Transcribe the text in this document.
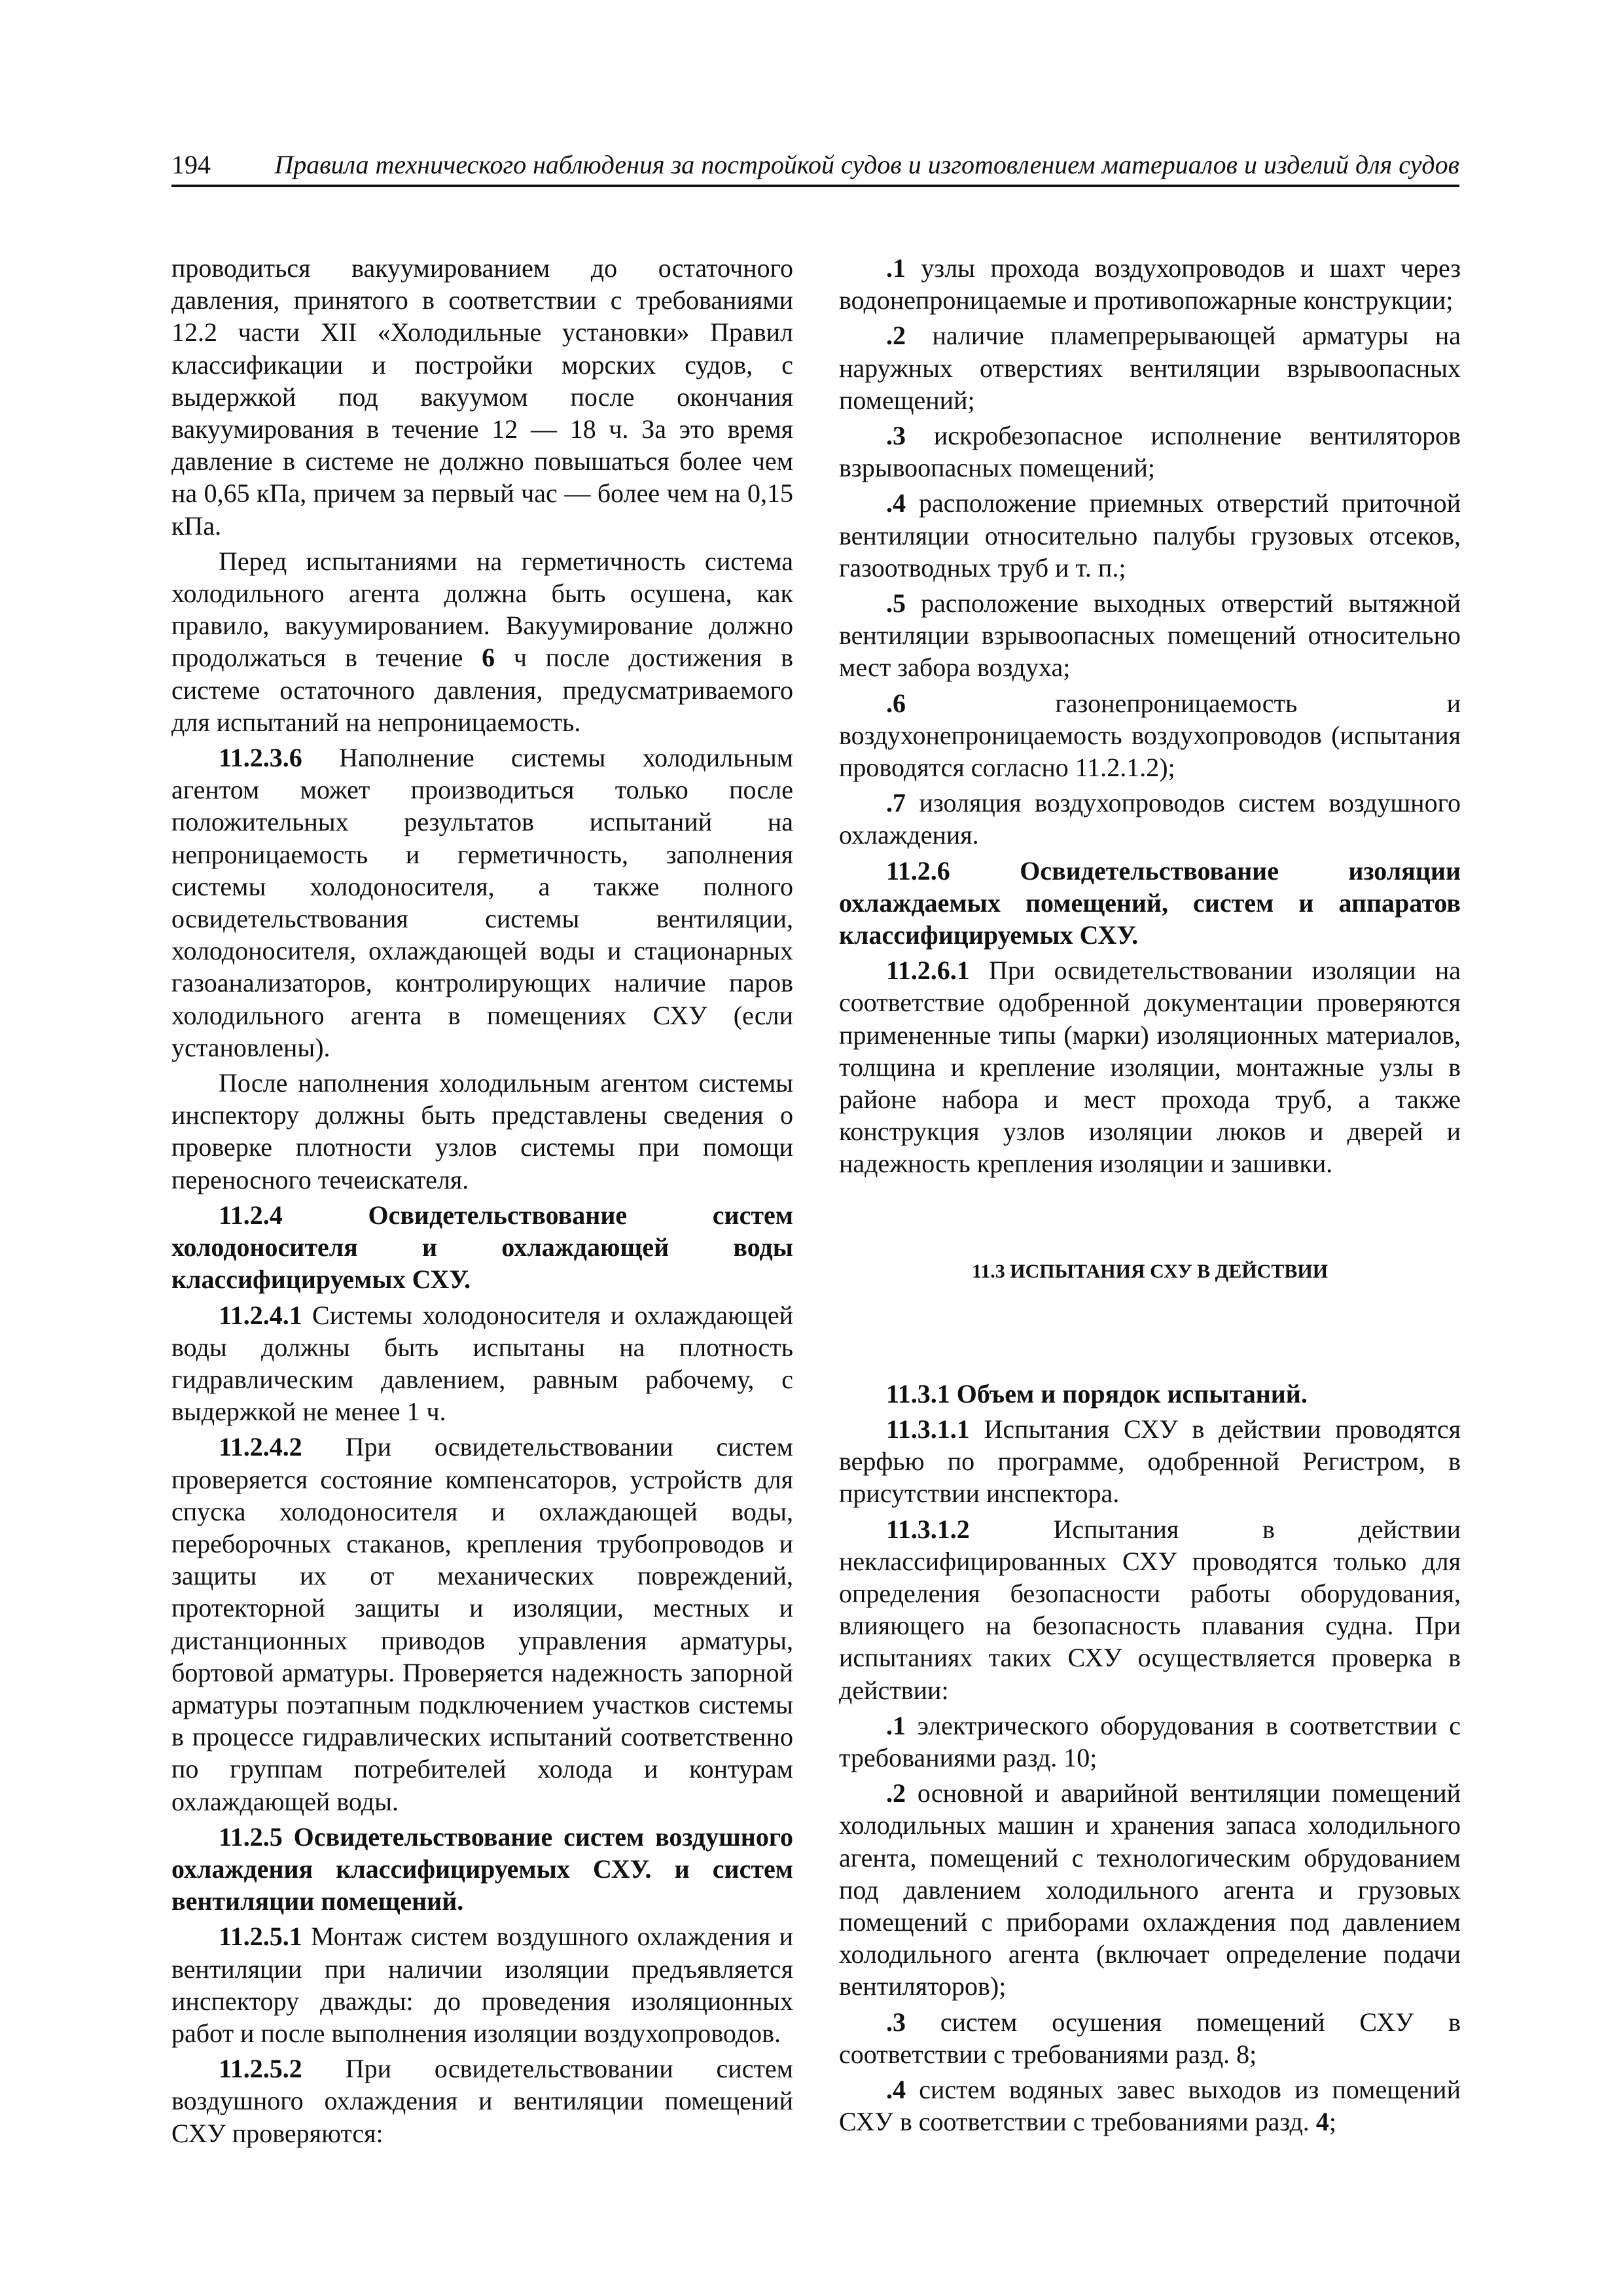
194 Правила технического наблюдения за постройкой судов и изготовлением материалов и изделий для судов

проводиться вакуумированием до остаточного давления, принятого в соответствии с требованиями 12.2 части XII «Холодильные установки» Правил классификации и постройки морских судов, с выдержкой под вакуумом после окончания вакуумирования в течение 12 — 18 ч. За это время давление в системе не должно повышаться более чем на 0,65 кПа, причем за первый час — более чем на 0,15 кПа.

Перед испытаниями на герметичность система холодильного агента должна быть осушена, как правило, вакуумированием. Вакуумирование должно продолжаться в течение 6 ч после достижения в системе остаточного давления, предусматриваемого для испытаний на непроницаемость.

11.2.3.6 Наполнение системы холодильным агентом может производиться только после положительных результатов испытаний на непроницаемость и герметичность, заполнения системы холодоносителя, а также полного освидетельствования системы вентиляции, холодоносителя, охлаждающей воды и стационарных газоанализаторов, контролирующих наличие паров холодильного агента в помещениях СХУ (если установлены).

После наполнения холодильным агентом системы инспектору должны быть представлены сведения о проверке плотности узлов системы при помощи переносного течеискателя.

11.2.4 Освидетельствование систем холодоносителя и охлаждающей воды классифицируемых СХУ.

11.2.4.1 Системы холодоносителя и охлаждающей воды должны быть испытаны на плотность гидравлическим давлением, равным рабочему, с выдержкой не менее 1 ч.

11.2.4.2 При освидетельствовании систем проверяется состояние компенсаторов, устройств для спуска холодоносителя и охлаждающей воды, переборочных стаканов, крепления трубопроводов и защиты их от механических повреждений, протекторной защиты и изоляции, местных и дистанционных приводов управления арматуры, бортовой арматуры. Проверяется надежность запорной арматуры поэтапным подключением участков системы в процессе гидравлических испытаний соответственно по группам потребителей холода и контурам охлаждающей воды.

11.2.5 Освидетельствование систем воздушного охлаждения классифицируемых СХУ. и систем вентиляции помещений.

11.2.5.1 Монтаж систем воздушного охлаждения и вентиляции при наличии изоляции предъявляется инспектору дважды: до проведения изоляционных работ и после выполнения изоляции воздухопроводов.

11.2.5.2 При освидетельствовании систем воздушного охлаждения и вентиляции помещений СХУ проверяются:

.1 узлы прохода воздухопроводов и шахт через водонепроницаемые и противопожарные конструкции;

.2 наличие пламепрерывающей арматуры на наружных отверстиях вентиляции взрывоопасных помещений;

.3 искробезопасное исполнение вентиляторов взрывоопасных помещений;

.4 расположение приемных отверстий приточной вентиляции относительно палубы грузовых отсеков, газоотводных труб и т. п.;

.5 расположение выходных отверстий вытяжной вентиляции взрывоопасных помещений относительно мест забора воздуха;

.6 газонепроницаемость и воздухонепроницаемость воздухопроводов (испытания проводятся согласно 11.2.1.2);

.7 изоляция воздухопроводов систем воздушного охлаждения.

11.2.6 Освидетельствование изоляции охлаждаемых помещений, систем и аппаратов классифицируемых СХУ.

11.2.6.1 При освидетельствовании изоляции на соответствие одобренной документации проверяются примененные типы (марки) изоляционных материалов, толщина и крепление изоляции, монтажные узлы в районе набора и мест прохода труб, а также конструкция узлов изоляции люков и дверей и надежность крепления изоляции и зашивки.

11.3 ИСПЫТАНИЯ СХУ В ДЕЙСТВИИ

11.3.1 Объем и порядок испытаний.

11.3.1.1 Испытания СХУ в действии проводятся верфью по программе, одобренной Регистром, в присутствии инспектора.

11.3.1.2 Испытания в действии неклассифицированных СХУ проводятся только для определения безопасности работы оборудования, влияющего на безопасность плавания судна. При испытаниях таких СХУ осуществляется проверка в действии:

.1 электрического оборудования в соответствии с требованиями разд. 10;

.2 основной и аварийной вентиляции помещений холодильных машин и хранения запаса холодильного агента, помещений с технологическим обрудованием под давлением холодильного агента и грузовых помещений с приборами охлаждения под давлением холодильного агента (включает определение подачи вентиляторов);

.3 систем осушения помещений СХУ в соответствии с требованиями разд. 8;

.4 систем водяных завес выходов из помещений СХУ в соответствии с требованиями разд. 4;
